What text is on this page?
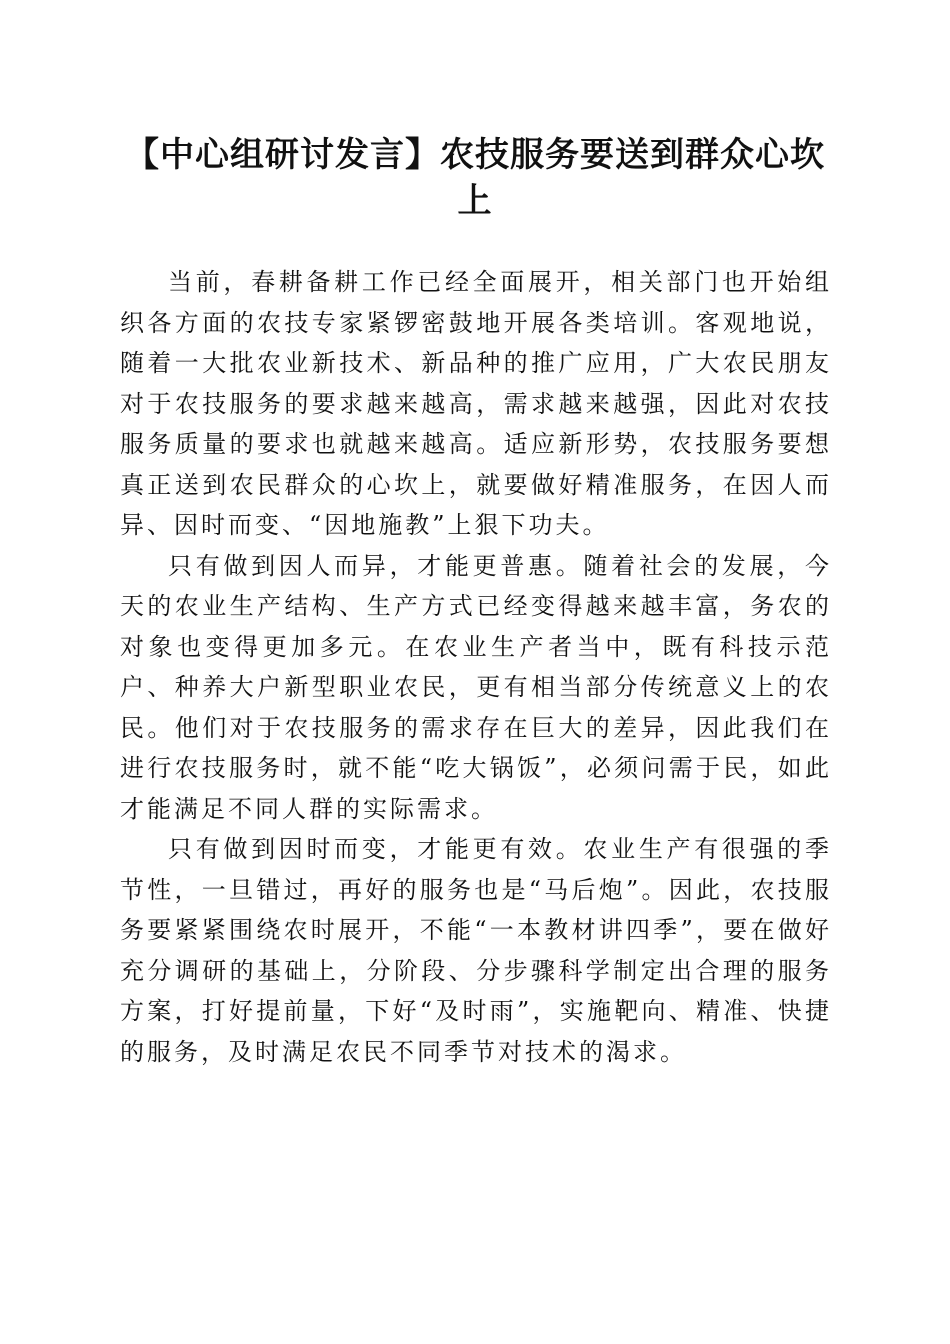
【中心组研讨发言】农技服务要送到群众心坎上

当前，春耕备耕工作已经全面展开，相关部门也开始组织各方面的农技专家紧锣密鼓地开展各类培训。客观地说，随着一大批农业新技术、新品种的推广应用，广大农民朋友对于农技服务的要求越来越高，需求越来越强，因此对农技服务质量的要求也就越来越高。适应新形势，农技服务要想真正送到农民群众的心坎上，就要做好精准服务，在因人而异、因时而变、“因地施教”上狠下功夫。

只有做到因人而异，才能更普惠。随着社会的发展，今天的农业生产结构、生产方式已经变得越来越丰富，务农的对象也变得更加多元。在农业生产者当中，既有科技示范户、种养大户新型职业农民，更有相当部分传统意义上的农民。他们对于农技服务的需求存在巨大的差异，因此我们在进行农技服务时，就不能“吃大锅饭”，必须问需于民，如此才能满足不同人群的实际需求。

只有做到因时而变，才能更有效。农业生产有很强的季节性，一旦错过，再好的服务也是“马后炮”。因此，农技服务要紧紧围绕农时展开，不能“一本教材讲四季”，要在做好充分调研的基础上，分阶段、分步骤科学制定出合理的服务方案，打好提前量，下好“及时雨”，实施靶向、精准、快捷的服务，及时满足农民不同季节对技术的渴求。
